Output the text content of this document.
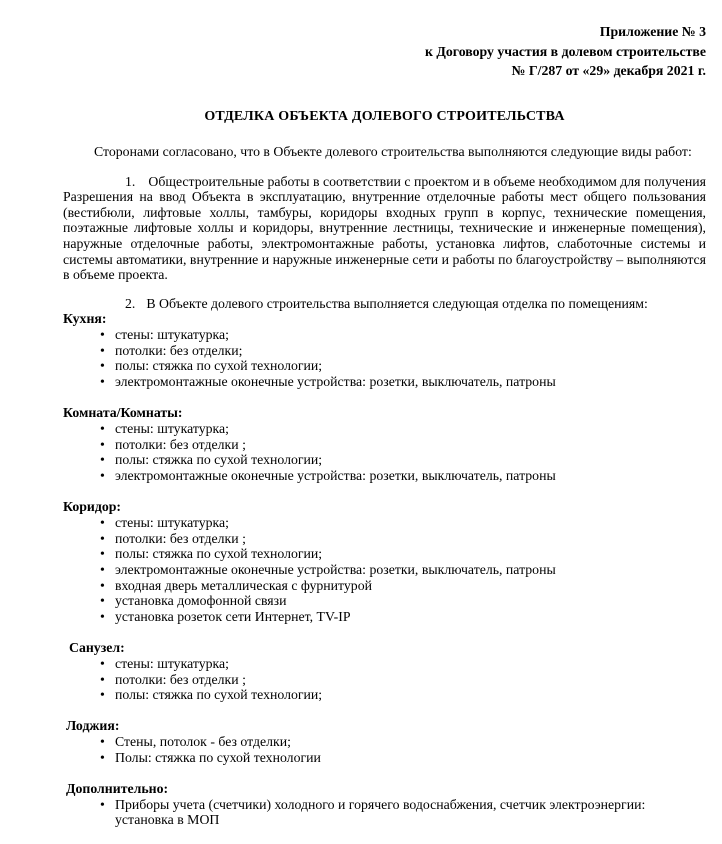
Приложение № 3
к Договору участия в долевом строительстве
№ Г/287 от «29» декабря 2021 г.
ОТДЕЛКА ОБЪЕКТА ДОЛЕВОГО СТРОИТЕЛЬСТВА

Сторонами согласовано, что в Объекте долевого строительства выполняются следующие виды работ:

1. Общестроительные работы в соответствии с проектом и в объеме необходимом для получения Разрешения на ввод Объекта в эксплуатацию, внутренние отделочные работы мест общего пользования (вестибюли, лифтовые холлы, тамбуры, коридоры входных групп в корпус, технические помещения, поэтажные лифтовые холлы и коридоры, внутренние лестницы, технические и инженерные помещения), наружные отделочные работы, электромонтажные работы, установка лифтов, слаботочные системы и системы автоматики, внутренние и наружные инженерные сети и работы по благоустройству – выполняются в объеме проекта.

2. В Объекте долевого строительства выполняется следующая отделка по помещениям:

Кухня:
• стены: штукатурка;
• потолки: без отделки;
• полы: стяжка по сухой технологии;
• электромонтажные оконечные устройства: розетки, выключатель, патроны
Комната/Комнаты:
• стены: штукатурка;
• потолки: без отделки ;
• полы: стяжка по сухой технологии;
• электромонтажные оконечные устройства: розетки, выключатель, патроны
Коридор:
• стены: штукатурка;
• потолки: без отделки ;
• полы: стяжка по сухой технологии;
• электромонтажные оконечные устройства: розетки, выключатель, патроны
• входная дверь металлическая с фурнитурой
• установка домофонной связи
• установка розеток сети Интернет, TV-IP
Санузел:
• стены: штукатурка;
• потолки: без отделки ;
• полы: стяжка по сухой технологии;
Лоджия:
• Стены, потолок - без отделки;
• Полы: стяжка по сухой технологии
Дополнительно:
• Приборы учета (счетчики) холодного и горячего водоснабжения, счетчик электроэнергии: установка в МОП
